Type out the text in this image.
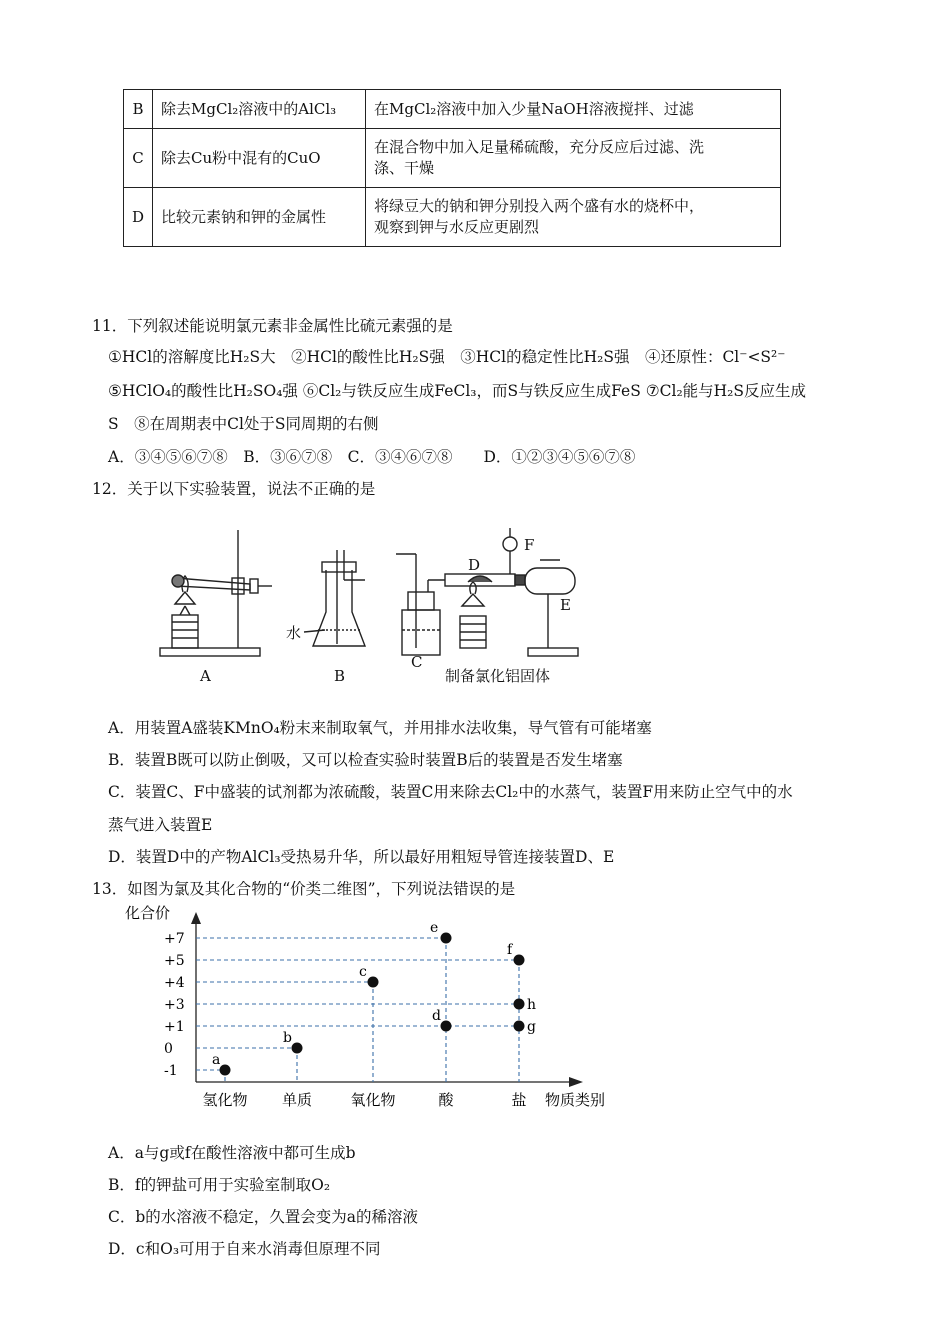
B	除去MgCl₂溶液中的AlCl₃	在MgCl₂溶液中加入少量NaOH溶液搅拌、过滤
C	除去Cu粉中混有的CuO	在混合物中加入足量稀硫酸，充分反应后过滤、洗
涤、干燥
D	比较元素钠和钾的金属性	将绿豆大的钠和钾分别投入两个盛有水的烧杯中，
观察到钾与水反应更剧烈
11．下列叙述能说明氯元素非金属性比硫元素强的是
①HCl的溶解度比H₂S大　②HCl的酸性比H₂S强　③HCl的稳定性比H₂S强　④还原性：Cl⁻<S²⁻
⑤HClO₄的酸性比H₂SO₄强 ⑥Cl₂与铁反应生成FeCl₃，而S与铁反应生成FeS ⑦Cl₂能与H₂S反应生成
S　⑧在周期表中Cl处于S同周期的右侧
A．③④⑤⑥⑦⑧　B．③⑥⑦⑧　C．③④⑥⑦⑧　　D．①②③④⑤⑥⑦⑧
12．关于以下实验装置，说法不正确的是
A	B
C
D
E
F
水
制备氯化铝固体
A．用装置A盛装KMnO₄粉末来制取氧气，并用排水法收集，导气管有可能堵塞
B．装置B既可以防止倒吸，又可以检查实验时装置B后的装置是否发生堵塞
C．装置C、F中盛装的试剂都为浓硫酸，装置C用来除去Cl₂中的水蒸气，装置F用来防止空气中的水
蒸气进入装置E
D．装置D中的产物AlCl₃受热易升华，所以最好用粗短导管连接装置D、E
13．如图为氯及其化合物的“价类二维图”，下列说法错误的是
化合价
物质类别
+7
+5
+4
+3
+1
0
-1
氢化物 单质	氧化物	酸	盐
a
b
c
d
e
f
h
g
A．a与g或f在酸性溶液中都可生成b
B．f的钾盐可用于实验室制取O₂
C．b的水溶液不稳定，久置会变为a的稀溶液
D．c和O₃可用于自来水消毒但原理不同
